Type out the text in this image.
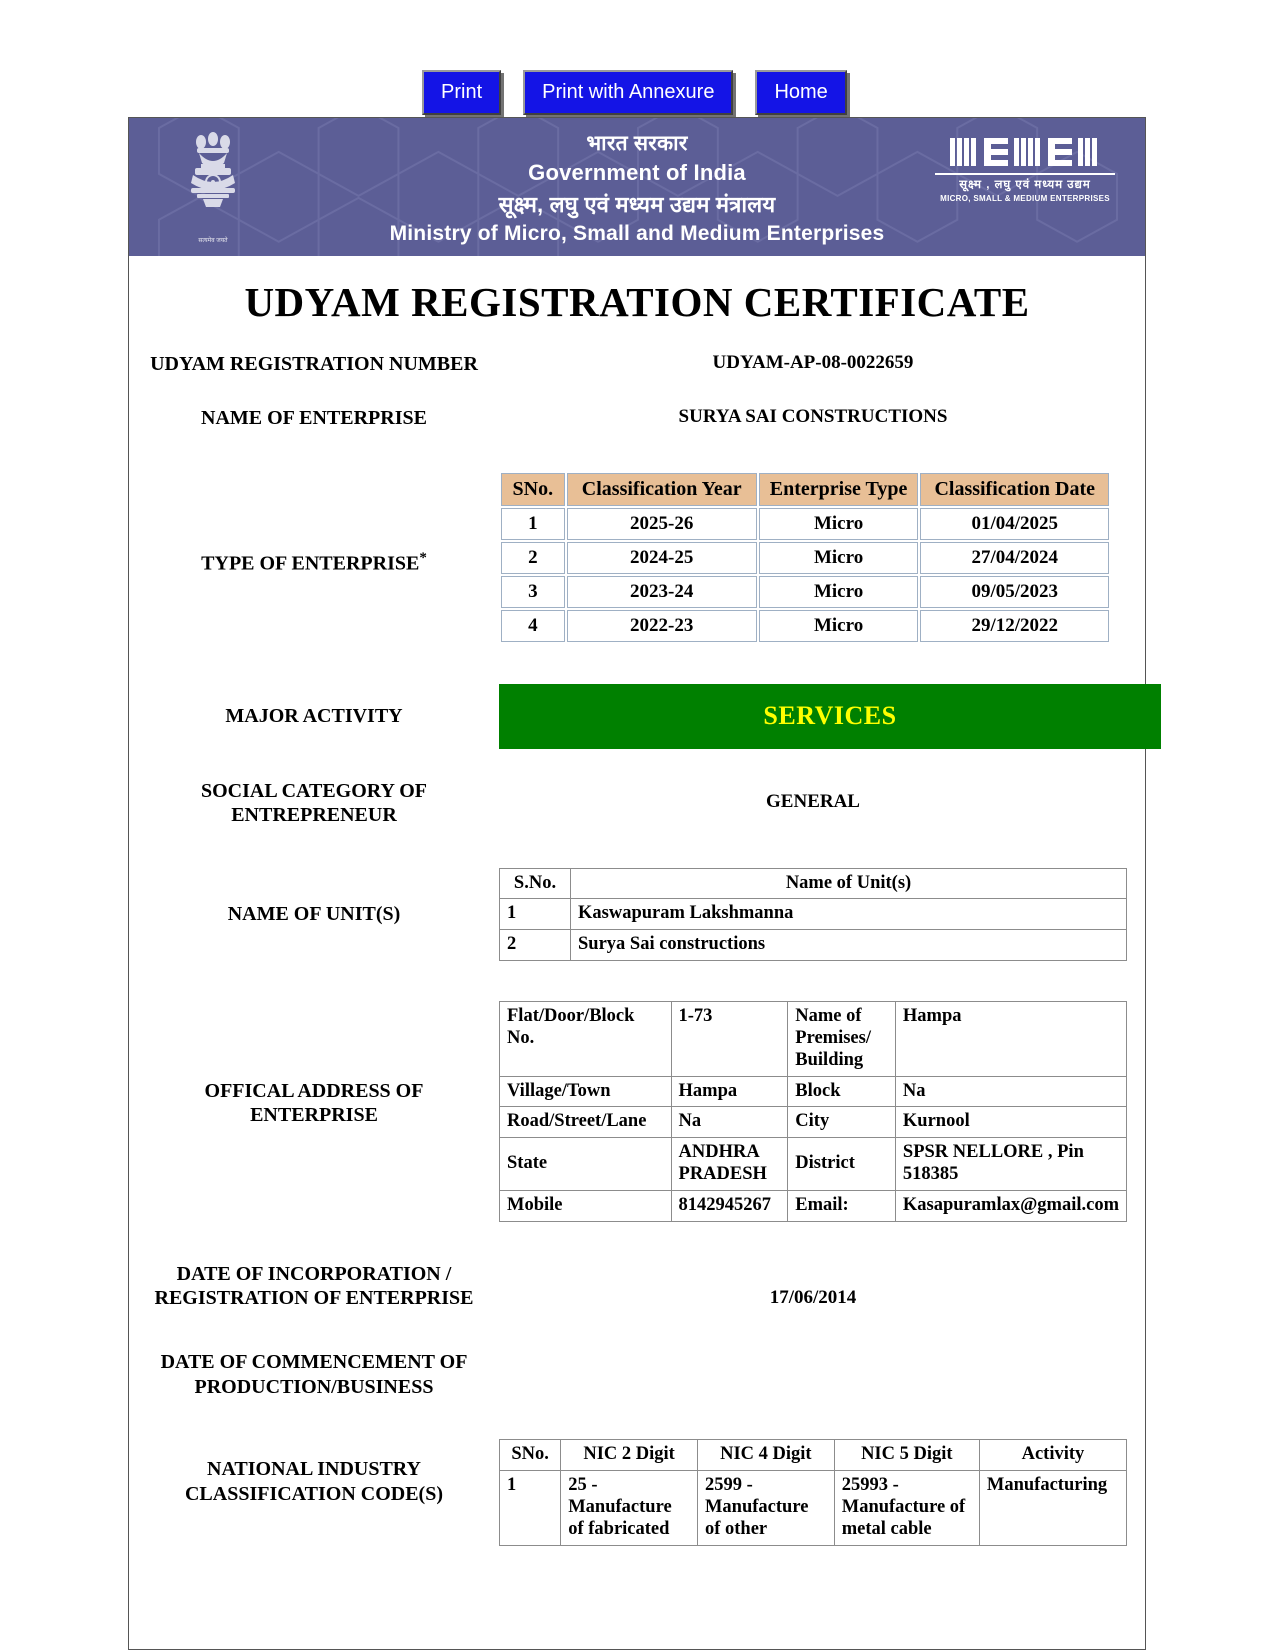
Print	Print with Annexure	Home
सत्यमेव जयते
भारत सरकार
Government of India
सूक्ष्म, लघु एवं मध्यम उद्यम मंत्रालय
Ministry of Micro, Small and Medium Enterprises
सूक्ष्म , लघु एवं मध्यम उद्यम
MICRO, SMALL & MEDIUM ENTERPRISES
UDYAM REGISTRATION CERTIFICATE
UDYAM REGISTRATION NUMBER	UDYAM-AP-08-0022659
NAME OF ENTERPRISE	SURYA SAI CONSTRUCTIONS
TYPE OF ENTERPRISE*
SNo.	Classification Year	Enterprise Type	Classification Date
1	2025-26	Micro	01/04/2025
2	2024-25	Micro	27/04/2024
3	2023-24	Micro	09/05/2023
4	2022-23	Micro	29/12/2022
MAJOR ACTIVITY	SERVICES
SOCIAL CATEGORY OF ENTREPRENEUR
GENERAL
NAME OF UNIT(S)
S.No.	Name of Unit(s)
1	Kaswapuram Lakshmanna
2	Surya Sai constructions
OFFICAL ADDRESS OF ENTERPRISE
Flat/Door/Block No.	1-73	Name of Premises/ Building	Hampa
Village/Town	Hampa	Block	Na
Road/Street/Lane	Na	City	Kurnool
State	ANDHRA PRADESH	District	SPSR NELLORE , Pin 518385
Mobile	8142945267	Email:	Kasapuramlax@gmail.com
DATE OF INCORPORATION / REGISTRATION OF ENTERPRISE	17/06/2014
DATE OF COMMENCEMENT OF PRODUCTION/BUSINESS
NATIONAL INDUSTRY CLASSIFICATION CODE(S)
SNo.	NIC 2 Digit	NIC 4 Digit	NIC 5 Digit	Activity
1	25 - Manufacture of fabricated	2599 - Manufacture of other	25993 - Manufacture of metal cable	Manufacturing
